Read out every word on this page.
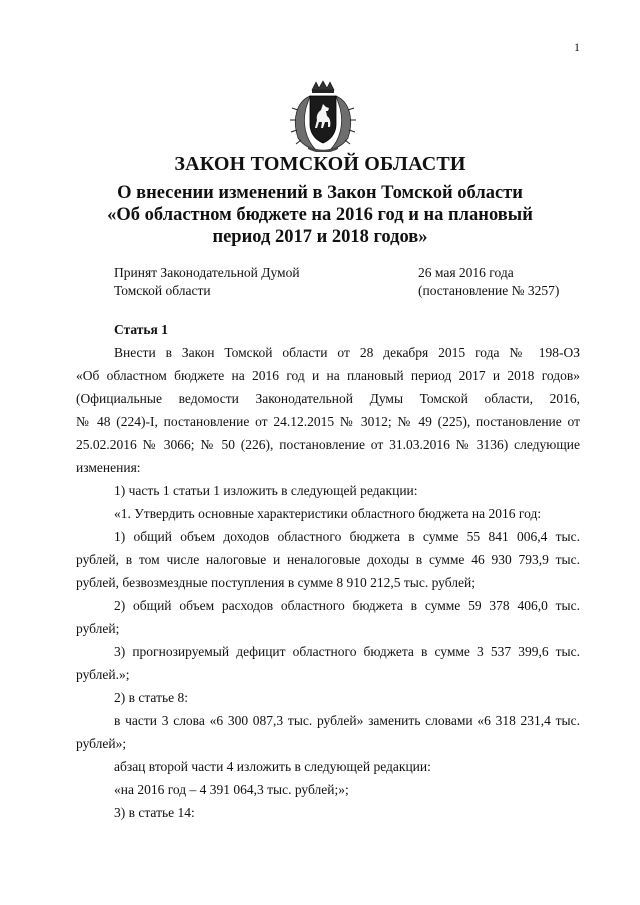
1
ЗАКОН ТОМСКОЙ ОБЛАСТИ
О внесении изменений в Закон Томской области
«Об областном бюджете на 2016 год и на плановый
период 2017 и 2018 годов»
Принят Законодательной Думой
Томской области
26 мая 2016 года
(постановление № 3257)
Статья 1
Внести в Закон Томской области от 28 декабря 2015 года № 198-ОЗ
«Об областном бюджете на 2016 год и на плановый период 2017 и 2018 годов»
(Официальные ведомости Законодательной Думы Томской области, 2016,
№ 48 (224)-I, постановление от 24.12.2015 № 3012; № 49 (225), постановление от
25.02.2016 № 3066; № 50 (226), постановление от 31.03.2016 № 3136) следующие
изменения:
1) часть 1 статьи 1 изложить в следующей редакции:
«1. Утвердить основные характеристики областного бюджета на 2016 год:
1) общий объем доходов областного бюджета в сумме 55 841 006,4 тыс.
рублей, в том числе налоговые и неналоговые доходы в сумме 46 930 793,9 тыс.
рублей, безвозмездные поступления в сумме 8 910 212,5 тыс. рублей;
2) общий объем расходов областного бюджета в сумме 59 378 406,0 тыс.
рублей;
3) прогнозируемый дефицит областного бюджета в сумме 3 537 399,6 тыс.
рублей.»;
2) в статье 8:
в части 3 слова «6 300 087,3 тыс. рублей» заменить словами «6 318 231,4 тыс.
рублей»;
абзац второй части 4 изложить в следующей редакции:
«на 2016 год – 4 391 064,3 тыс. рублей;»;
3) в статье 14:
